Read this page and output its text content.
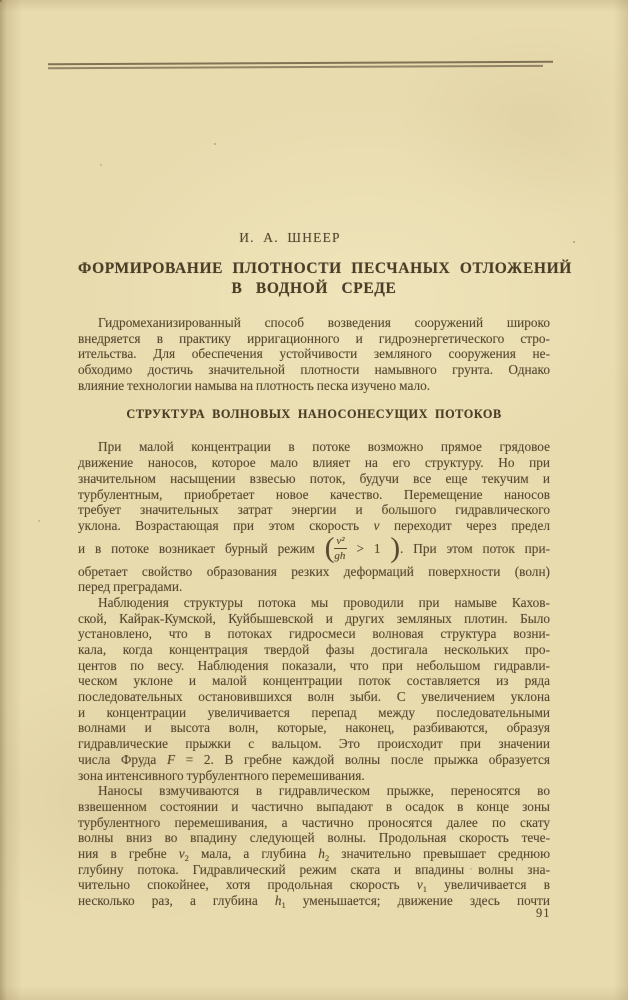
И. А. ШНЕЕР
ФОРМИРОВАНИЕ ПЛОТНОСТИ ПЕСЧАНЫХ ОТЛОЖЕНИЙ
В ВОДНОЙ СРЕДЕ
Гидромеханизированный способ возведения сооружений широко
внедряется в практику ирригационного и гидроэнергетического стро-
ительства. Для обеспечения устойчивости земляного сооружения не-
обходимо достичь значительной плотности намывного грунта. Однако
влияние технологии намыва на плотность песка изучено мало.
СТРУКТУРА ВОЛНОВЫХ НАНОСОНЕСУЩИХ ПОТОКОВ
При малой концентрации в потоке возможно прямое грядовое
движение наносов, которое мало влияет на его структуру. Но при
значительном насыщении взвесью поток, будучи все еще текучим и
турбулентным, приобретает новое качество. Перемещение наносов
требует значительных затрат энергии и большого гидравлического
уклона. Возрастающая при этом скорость v переходит через предел
и в потоке возникает бурный режим ( $\frac{\text{v²}}{gh} > 1$ ). При этом поток при-
обретает свойство образования резких деформаций поверхности (волн)
перед преградами.
Наблюдения структуры потока мы проводили при намыве Кахов-
ской, Кайрак-Кумской, Куйбышевской и других земляных плотин. Было
установлено, что в потоках гидросмеси волновая структура возни-
кала, когда концентрация твердой фазы достигала нескольких про-
центов по весу. Наблюдения показали, что при небольшом гидравли-
ческом уклоне и малой концентрации поток составляется из ряда
последовательных остановившихся волн зыби. С увеличением уклона
и концентрации увеличивается перепад между последовательными
волнами и высота волн, которые, наконец, разбиваются, образуя
гидравлические прыжки с вальцом. Это происходит при значении
числа Фруда F = 2. В гребне каждой волны после прыжка образуется
зона интенсивного турбулентного перемешивания.
Наносы взмучиваются в гидравлическом прыжке, переносятся во
взвешенном состоянии и частично выпадают в осадок в конце зоны
турбулентного перемешивания, а частично проносятся далее по скату
волны вниз во впадину следующей волны. Продольная скорость тече-
ния в гребне $v_2$ мала, а глубина $h_2$ значительно превышает среднюю
глубину потока. Гидравлический режим ската и впадины волны зна-
чительно спокойнее, хотя продольная скорость $v_1$ увеличивается в
несколько раз, а глубина $h_1$ уменьшается; движение здесь почти
91
